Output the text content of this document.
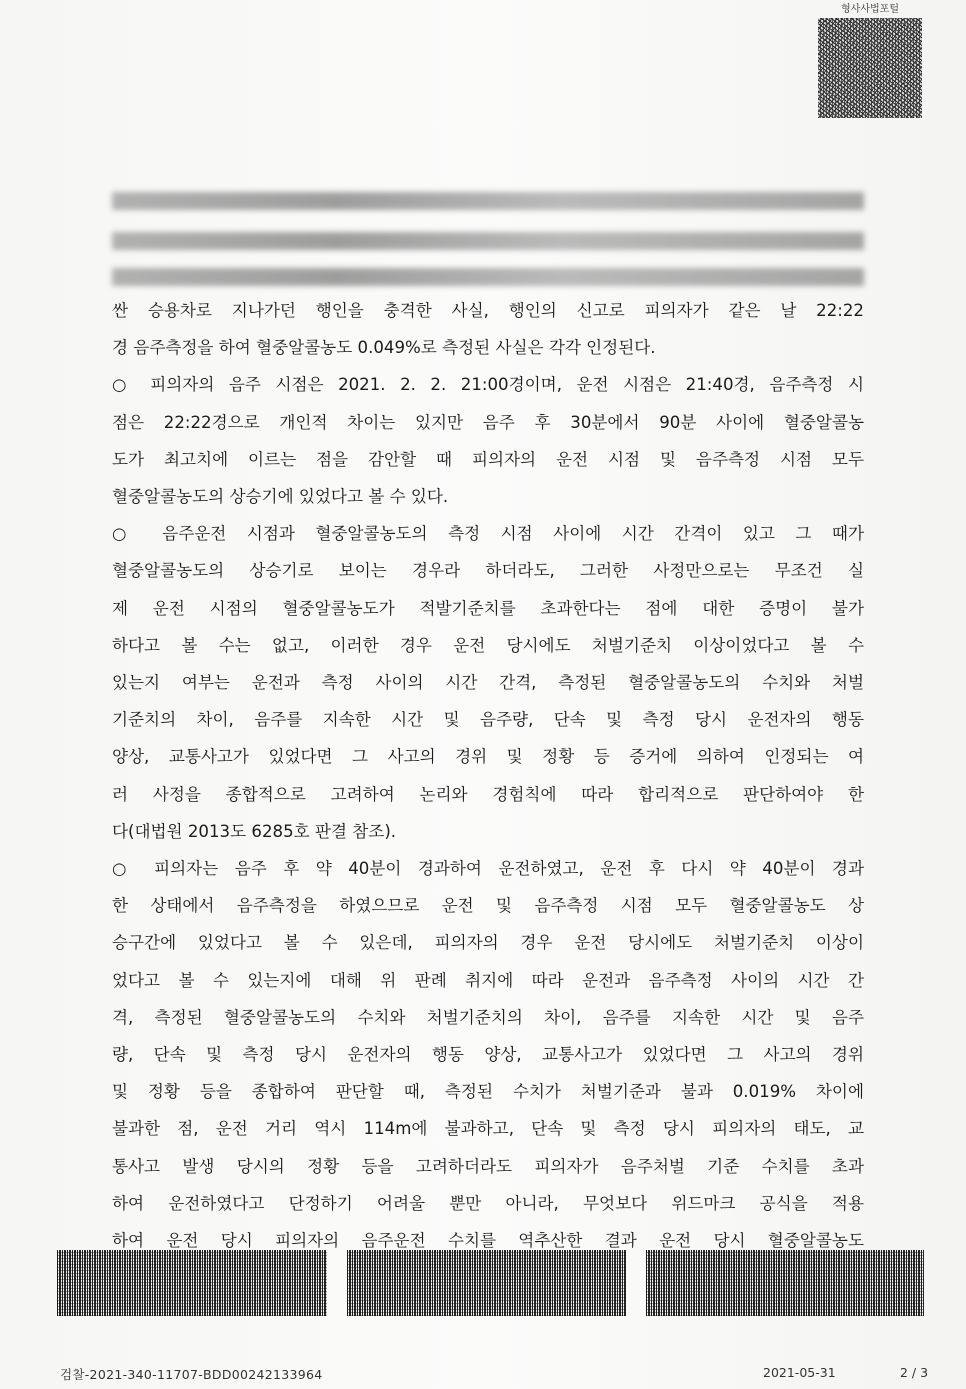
형사사법포털
싼 승용차로 지나가던 행인을 충격한 사실, 행인의 신고로 피의자가 같은 날 22:22
경 음주측정을 하여 혈중알콜농도 0.049%로 측정된 사실은 각각 인정된다.
○ 피의자의 음주 시점은 2021. 2. 2. 21:00경이며, 운전 시점은 21:40경, 음주측정 시
점은 22:22경으로 개인적 차이는 있지만 음주 후 30분에서 90분 사이에 혈중알콜농
도가 최고치에 이르는 점을 감안할 때 피의자의 운전 시점 및 음주측정 시점 모두
혈중알콜농도의 상승기에 있었다고 볼 수 있다.
○ 음주운전 시점과 혈중알콜농도의 측정 시점 사이에 시간 간격이 있고 그 때가
혈중알콜농도의 상승기로 보이는 경우라 하더라도, 그러한 사정만으로는 무조건 실
제 운전 시점의 혈중알콜농도가 적발기준치를 초과한다는 점에 대한 증명이 불가
하다고 볼 수는 없고, 이러한 경우 운전 당시에도 처벌기준치 이상이었다고 볼 수
있는지 여부는 운전과 측정 사이의 시간 간격, 측정된 혈중알콜농도의 수치와 처벌
기준치의 차이, 음주를 지속한 시간 및 음주량, 단속 및 측정 당시 운전자의 행동
양상, 교통사고가 있었다면 그 사고의 경위 및 정황 등 증거에 의하여 인정되는 여
러 사정을 종합적으로 고려하여 논리와 경험칙에 따라 합리적으로 판단하여야 한
다(대법원 2013도 6285호 판결 참조).
○ 피의자는 음주 후 약 40분이 경과하여 운전하였고, 운전 후 다시 약 40분이 경과
한 상태에서 음주측정을 하였으므로 운전 및 음주측정 시점 모두 혈중알콜농도 상
승구간에 있었다고 볼 수 있은데, 피의자의 경우 운전 당시에도 처벌기준치 이상이
었다고 볼 수 있는지에 대해 위 판례 취지에 따라 운전과 음주측정 사이의 시간 간
격, 측정된 혈중알콜농도의 수치와 처벌기준치의 차이, 음주를 지속한 시간 및 음주
량, 단속 및 측정 당시 운전자의 행동 양상, 교통사고가 있었다면 그 사고의 경위
및 정황 등을 종합하여 판단할 때, 측정된 수치가 처벌기준과 불과 0.019% 차이에
불과한 점, 운전 거리 역시 114m에 불과하고, 단속 및 측정 당시 피의자의 태도, 교
통사고 발생 당시의 정황 등을 고려하더라도 피의자가 음주처벌 기준 수치를 초과
하여 운전하였다고 단정하기 어려울 뿐만 아니라, 무엇보다 위드마크 공식을 적용
하여 운전 당시 피의자의 음주운전 수치를 역추산한 결과 운전 당시 혈중알콜농도
검찰-2021-340-11707-BDD00242133964	2021-05-31	2 / 3
